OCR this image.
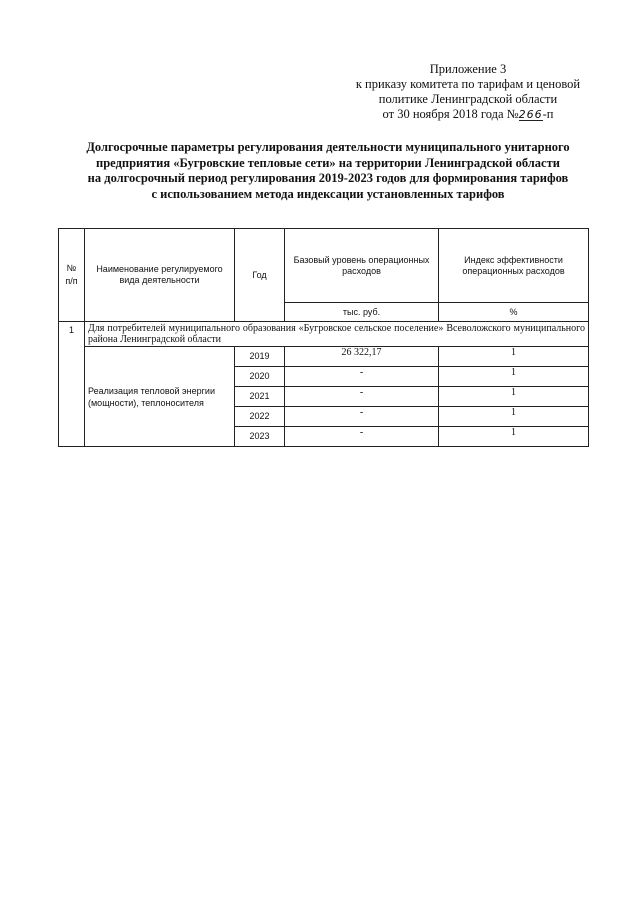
Приложение 3
к приказу комитета по тарифам и ценовой
политике Ленинградской области
от 30 ноября 2018 года №266-п
Долгосрочные параметры регулирования деятельности муниципального унитарного
предприятия «Бугровские тепловые сети» на территории Ленинградской области
на долгосрочный период регулирования 2019-2023 годов для формирования тарифов
с использованием метода индексации установленных тарифов
№
п/п	Наименование регулируемого вида деятельности	Год	Базовый уровень операционных расходов	Индекс эффективности операционных расходов
			тыс. руб.	%
1	Для потребителей муниципального образования «Бугровское сельское поселение» Всеволожского муниципального района Ленинградской области			
	Реализация тепловой энергии (мощности), теплоносителя	2019	26 322,17	1
		2020	-	1
		2021	-	1
		2022	-	1
		2023	-	1
